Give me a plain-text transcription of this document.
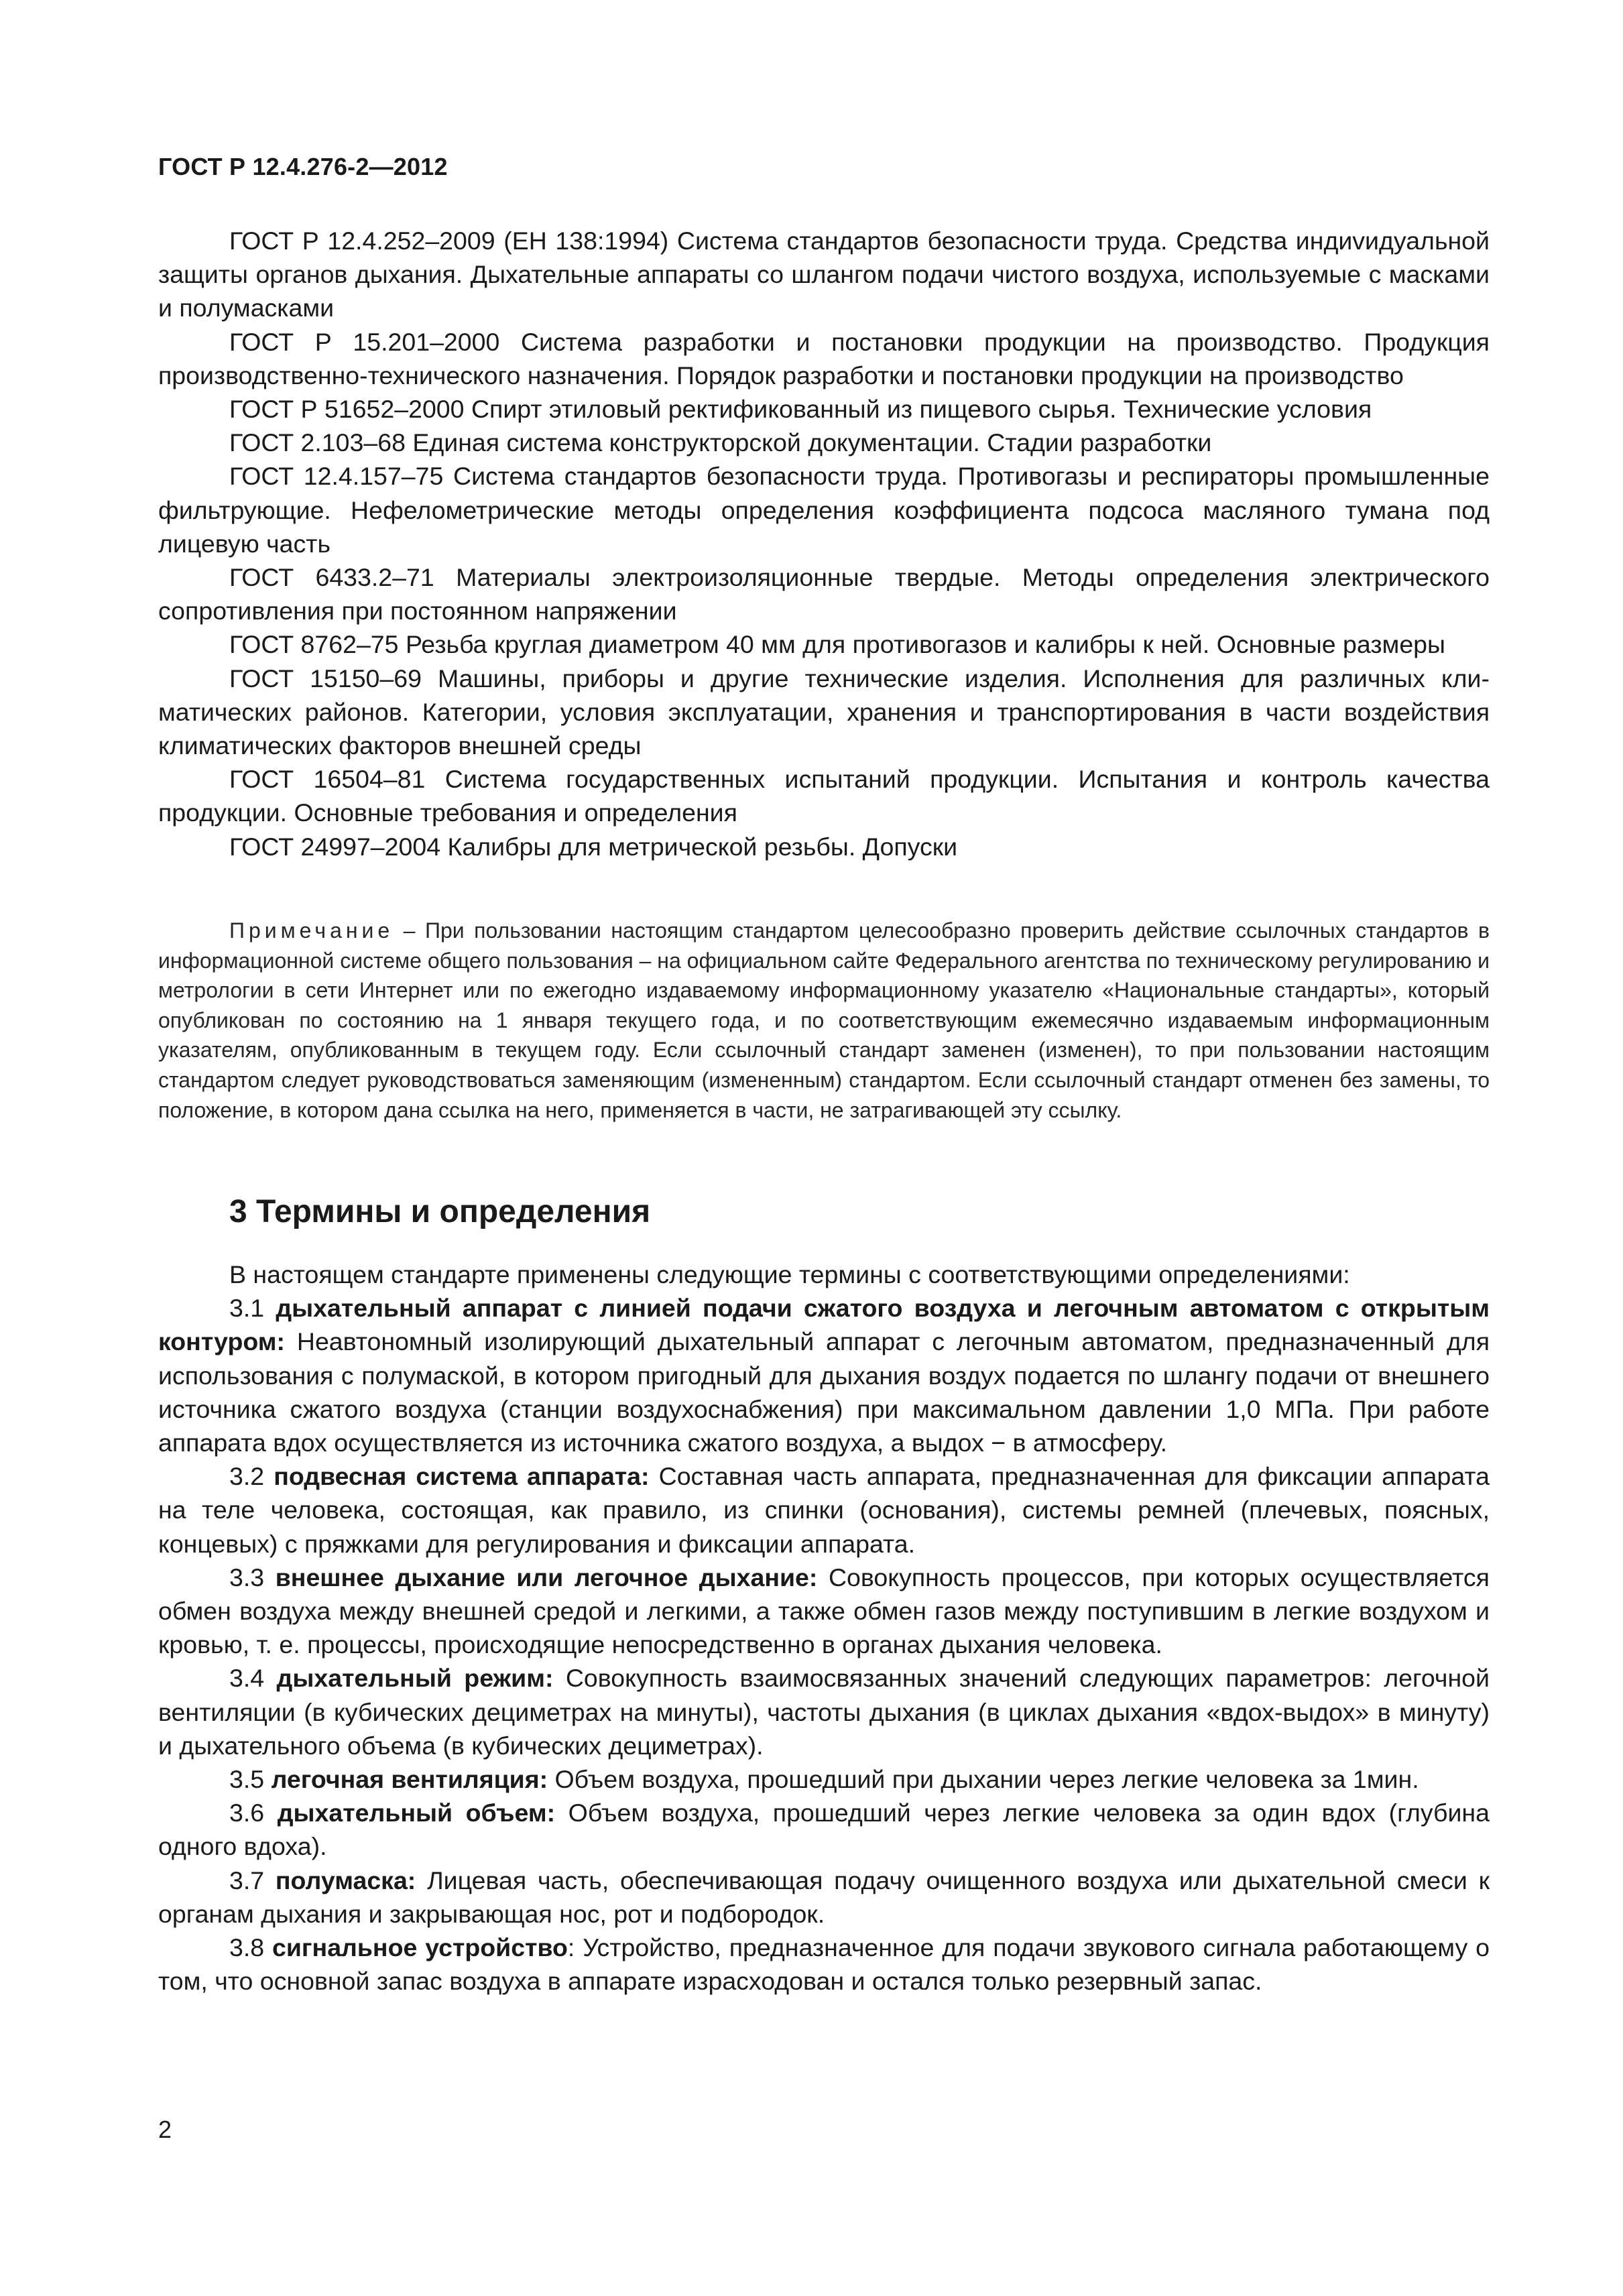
ГОСТ Р 12.4.276-2—2012

ГОСТ Р 12.4.252–2009 (ЕН 138:1994) Система стандартов безопасности труда. Средства индиvидуальной защиты органов дыхания. Дыхательные аппараты со шлангом подачи чистого воздуха, используемые с масками и полумасками

ГОСТ Р 15.201–2000 Система разработки и постановки продукции на производство. Продукция производственно-технического назначения. Порядок разработки и постановки продукции на производство

ГОСТ Р 51652–2000 Спирт этиловый ректификованный из пищевого сырья. Технические условия

ГОСТ 2.103–68 Единая система конструкторской документации. Стадии разработки

ГОСТ 12.4.157–75 Система стандартов безопасности труда. Противогазы и респираторы промышленные фильтрующие. Нефелометрические методы определения коэффициента подсоса масляного тумана под лицевую часть

ГОСТ 6433.2–71 Материалы электроизоляционные твердые. Методы определения электрического сопротивления при постоянном напряжении

ГОСТ 8762–75 Резьба круглая диаметром 40 мм для противогазов и калибры к ней. Основные размеры

ГОСТ 15150–69 Машины, приборы и другие технические изделия. Исполнения для различных климатических районов. Категории, условия эксплуатации, хранения и транспортирования в части воздействия климатических факторов внешней среды

ГОСТ 16504–81 Система государственных испытаний продукции. Испытания и контроль качества продукции. Основные требования и определения

ГОСТ 24997–2004 Калибры для метрической резьбы. Допуски

Примечание – При пользовании настоящим стандартом целесообразно проверить действие ссылочных стандартов в информационной системе общего пользования – на официальном сайте Федерального агентства по техническому регулированию и метрологии в сети Интернет или по ежегодно издаваемому информационному указателю «Национальные стандарты», который опубликован по состоянию на 1 января текущего года, и по соответствующим ежемесячно издаваемым информационным указателям, опубликованным в текущем году. Если ссылочный стандарт заменен (изменен), то при пользовании настоящим стандартом следует руководствоваться заменяющим (измененным) стандартом. Если ссылочный стандарт отменен без замены, то положение, в котором дана ссылка на него, применяется в части, не затрагивающей эту ссылку.

3 Термины и определения

В настоящем стандарте применены следующие термины с соответствующими определениями:

3.1 дыхательный аппарат с линией подачи сжатого воздуха и легочным автоматом с открытым контуром: Неавтономный изолирующий дыхательный аппарат с легочным автоматом, предназначенный для использования с полумаской, в котором пригодный для дыхания воздух подается по шлангу подачи от внешнего источника сжатого воздуха (станции воздухоснабжения) при максимальном давлении 1,0 МПа. При работе аппарата вдох осуществляется из источника сжатого воздуха, а выдох − в атмосферу.

3.2 подвесная система аппарата: Составная часть аппарата, предназначенная для фиксации аппарата на теле человека, состоящая, как правило, из спинки (основания), системы ремней (плечевых, поясных, концевых) с пряжками для регулирования и фиксации аппарата.

3.3 внешнее дыхание или легочное дыхание: Совокупность процессов, при которых осуществляется обмен воздуха между внешней средой и легкими, а также обмен газов между поступившим в легкие воздухом и кровью, т. е. процессы, происходящие непосредственно в органах дыхания человека.

3.4 дыхательный режим: Совокупность взаимосвязанных значений следующих параметров: легочной вентиляции (в кубических дециметрах на минуты), частоты дыхания (в циклах дыхания «вдох-выдох» в минуту) и дыхательного объема (в кубических дециметрах).

3.5 легочная вентиляция: Объем воздуха, прошедший при дыхании через легкие человека за 1мин.

3.6 дыхательный объем: Объем воздуха, прошедший через легкие человека за один вдох (глубина одного вдоха).

3.7 полумаска: Лицевая часть, обеспечивающая подачу очищенного воздуха или дыхательной смеси к органам дыхания и закрывающая нос, рот и подбородок.

3.8 сигнальное устройство: Устройство, предназначенное для подачи звукового сигнала работающему о том, что основной запас воздуха в аппарате израсходован и остался только резервный запас.

2
